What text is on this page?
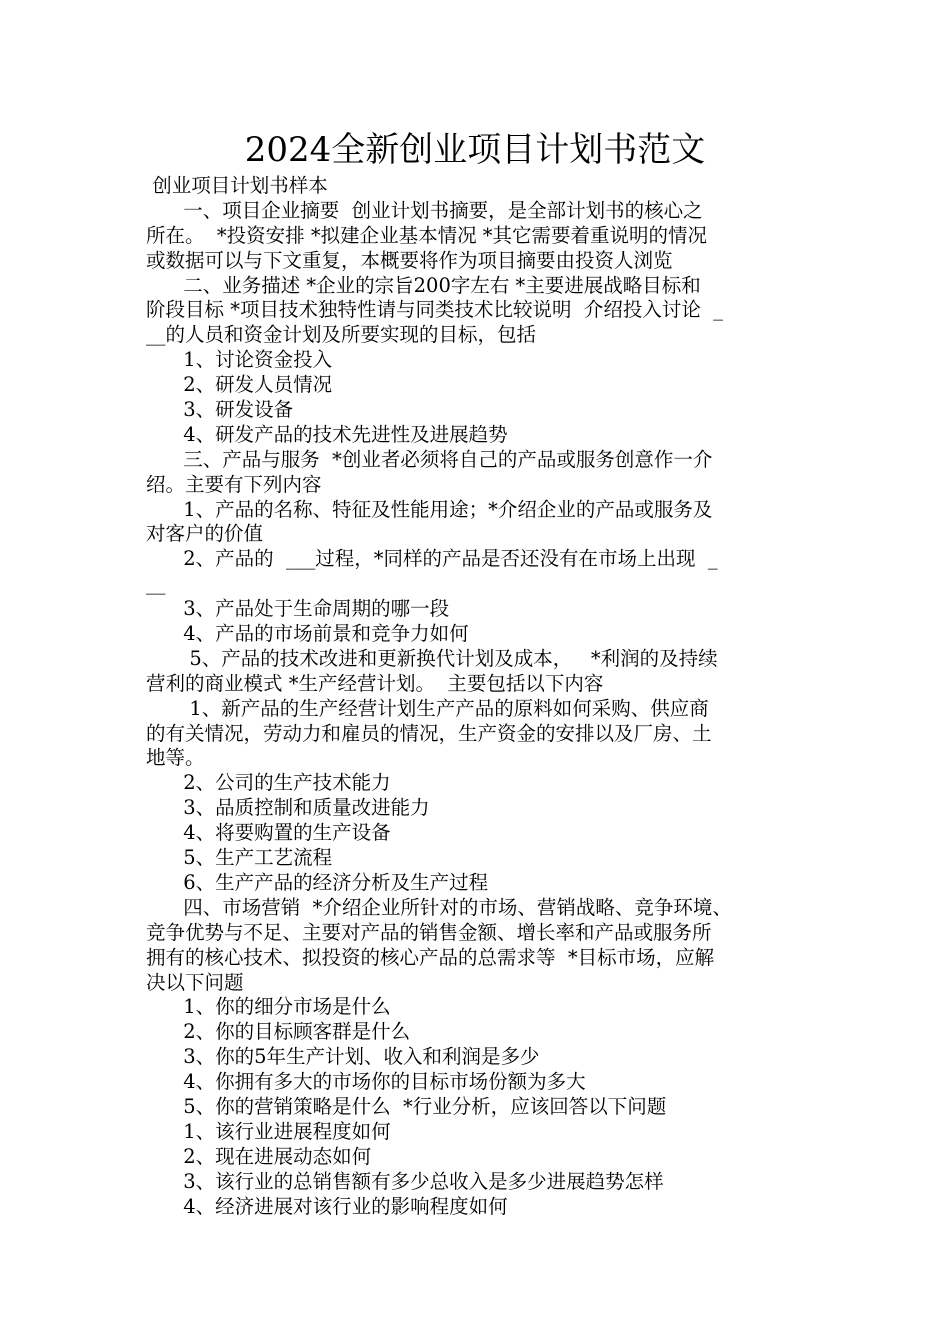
2024全新创业项目计划书范文
创业项目计划书样本
一、项目企业摘要  创业计划书摘要，是全部计划书的核心之
所在。  *投资安排 *拟建企业基本情况 *其它需要着重说明的情况
或数据可以与下文重复，本概要将作为项目摘要由投资人浏览
二、业务描述 *企业的宗旨200字左右 *主要进展战略目标和
阶段目标 *项目技术独特性请与同类技术比较说明  介绍投入讨论  _
__的人员和资金计划及所要实现的目标，包括
1、讨论资金投入
2、研发人员情况
3、研发设备
4、研发产品的技术先进性及进展趋势
三、产品与服务  *创业者必须将自己的产品或服务创意作一介
绍。主要有下列内容
1、产品的名称、特征及性能用途；*介绍企业的产品或服务及
对客户的价值
2、产品的  ___过程，*同样的产品是否还没有在市场上出现  _
__
3、产品处于生命周期的哪一段
4、产品的市场前景和竞争力如何
5、产品的技术改进和更新换代计划及成本，   *利润的及持续
营利的商业模式 *生产经营计划。  主要包括以下内容
1、新产品的生产经营计划生产产品的原料如何采购、供应商
的有关情况，劳动力和雇员的情况，生产资金的安排以及厂房、土
地等。
2、公司的生产技术能力
3、品质控制和质量改进能力
4、将要购置的生产设备
5、生产工艺流程
6、生产产品的经济分析及生产过程
四、市场营销  *介绍企业所针对的市场、营销战略、竞争环境、
竞争优势与不足、主要对产品的销售金额、增长率和产品或服务所
拥有的核心技术、拟投资的核心产品的总需求等  *目标市场，应解
决以下问题
1、你的细分市场是什么
2、你的目标顾客群是什么
3、你的5年生产计划、收入和利润是多少
4、你拥有多大的市场你的目标市场份额为多大
5、你的营销策略是什么  *行业分析，应该回答以下问题
1、该行业进展程度如何
2、现在进展动态如何
3、该行业的总销售额有多少总收入是多少进展趋势怎样
4、经济进展对该行业的影响程度如何
